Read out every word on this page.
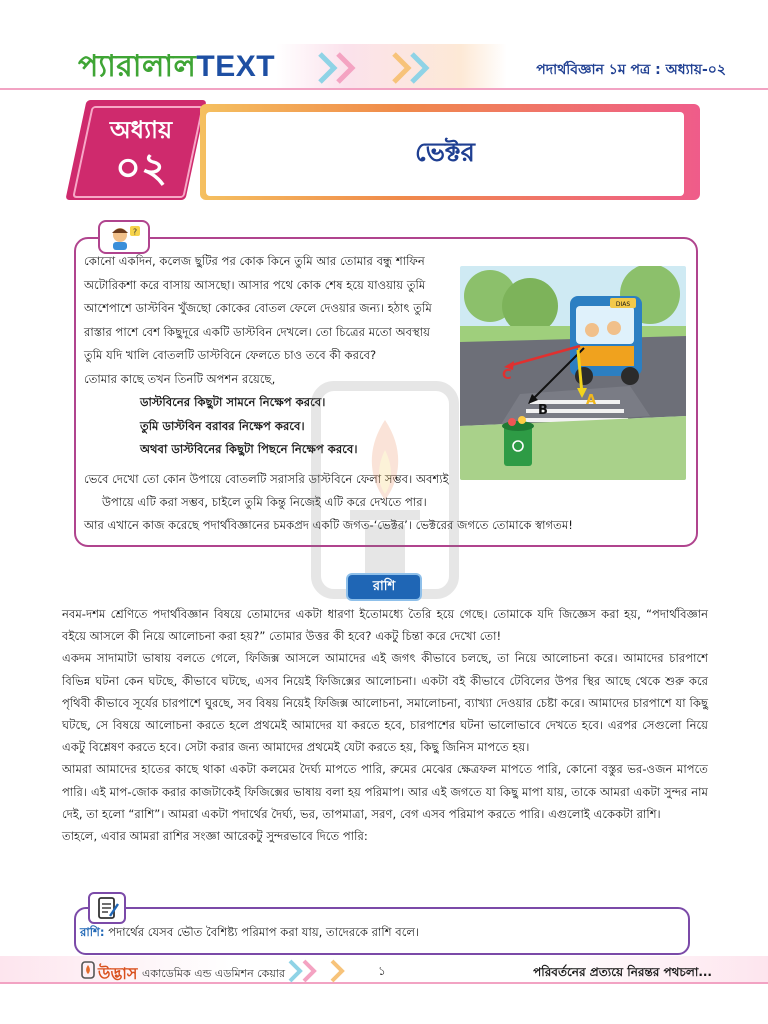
প্যারালালTEXT	পদার্থবিজ্ঞান ১ম পত্র : অধ্যায়-০২
অধ্যায়
০২	ভেক্টর
?

কোনো একদিন, কলেজ ছুটির পর কোক কিনে তুমি আর তোমার বন্ধু শাফিন

অটোরিকশা করে বাসায় আসছো। আসার পথে কোক শেষ হয়ে যাওয়ায় তুমি

আশেপাশে ডাস্টবিন খুঁজছো কোকের বোতল ফেলে দেওয়ার জন্য। হঠাৎ তুমি

রাস্তার পাশে বেশ কিছুদূরে একটি ডাস্টবিন দেখলে। তো চিত্রের মতো অবস্থায়

তুমি যদি খালি বোতলটি ডাস্টবিনে ফেলতে চাও তবে কী করবে?

তোমার কাছে তখন তিনটি অপশন রয়েছে,

ডাস্টবিনের কিছুটা সামনে নিক্ষেপ করবে।

তুমি ডাস্টবিন বরাবর নিক্ষেপ করবে।

অথবা ডাস্টবিনের কিছুটা পিছনে নিক্ষেপ করবে।

ভেবে দেখো তো কোন উপায়ে বোতলটি সরাসরি ডাস্টবিনে ফেলা সম্ভব। অবশ্যই

উপায়ে এটি করা সম্ভব, চাইলে তুমি কিন্তু নিজেই এটি করে দেখতে পার।

আর এখানে কাজ করেছে পদার্থবিজ্ঞানের চমকপ্রদ একটি জগত-‘ভেক্টর’। ভেক্টরের জগতে তোমাকে স্বাগতম!

DIAS
C
B
A
রাশি

নবম-দশম শ্রেণিতে পদার্থবিজ্ঞান বিষয়ে তোমাদের একটা ধারণা ইতোমধ্যে তৈরি হয়ে গেছে। তোমাকে যদি জিজ্ঞেস করা হয়, “পদার্থবিজ্ঞান বইয়ে আসলে কী নিয়ে আলোচনা করা হয়?” তোমার উত্তর কী হবে? একটু চিন্তা করে দেখো তো!

একদম সাদামাটা ভাষায় বলতে গেলে, ফিজিক্স আসলে আমাদের এই জগৎ কীভাবে চলছে, তা নিয়ে আলোচনা করে। আমাদের চারপাশে বিভিন্ন ঘটনা কেন ঘটছে, কীভাবে ঘটছে, এসব নিয়েই ফিজিক্সের আলোচনা। একটা বই কীভাবে টেবিলের উপর স্থির আছে থেকে শুরু করে পৃথিবী কীভাবে সূর্যের চারপাশে ঘুরছে, সব বিষয় নিয়েই ফিজিক্স আলোচনা, সমালোচনা, ব্যাখ্যা দেওয়ার চেষ্টা করে। আমাদের চারপাশে যা কিছু ঘটছে, সে বিষয়ে আলোচনা করতে হলে প্রথমেই আমাদের যা করতে হবে, চারপাশের ঘটনা ভালোভাবে দেখতে হবে। এরপর সেগুলো নিয়ে একটু বিশ্লেষণ করতে হবে। সেটা করার জন্য আমাদের প্রথমেই যেটা করতে হয়, কিছু জিনিস মাপতে হয়।

আমরা আমাদের হাতের কাছে থাকা একটা কলমের দৈর্ঘ্য মাপতে পারি, রুমের মেঝের ক্ষেত্রফল মাপতে পারি, কোনো বস্তুর ভর-ওজন মাপতে পারি। এই মাপ-জোক করার কাজটাকেই ফিজিক্সের ভাষায় বলা হয় পরিমাপ। আর এই জগতে যা কিছু মাপা যায়, তাকে আমরা একটা সুন্দর নাম দেই, তা হলো “রাশি”। আমরা একটা পদার্থের দৈর্ঘ্য, ভর, তাপমাত্রা, সরণ, বেগ এসব পরিমাপ করতে পারি। এগুলোই একেকটা রাশি।

তাহলে, এবার আমরা রাশির সংজ্ঞা আরেকটু সুন্দরভাবে দিতে পারি:

রাশি: পদার্থের যেসব ভৌত বৈশিষ্ট্য পরিমাপ করা যায়, তাদেরকে রাশি বলে।
উদ্ভাস একাডেমিক এন্ড এডমিশন কেয়ার	১	পরিবর্তনের প্রত্যয়ে নিরন্তর পথচলা...
